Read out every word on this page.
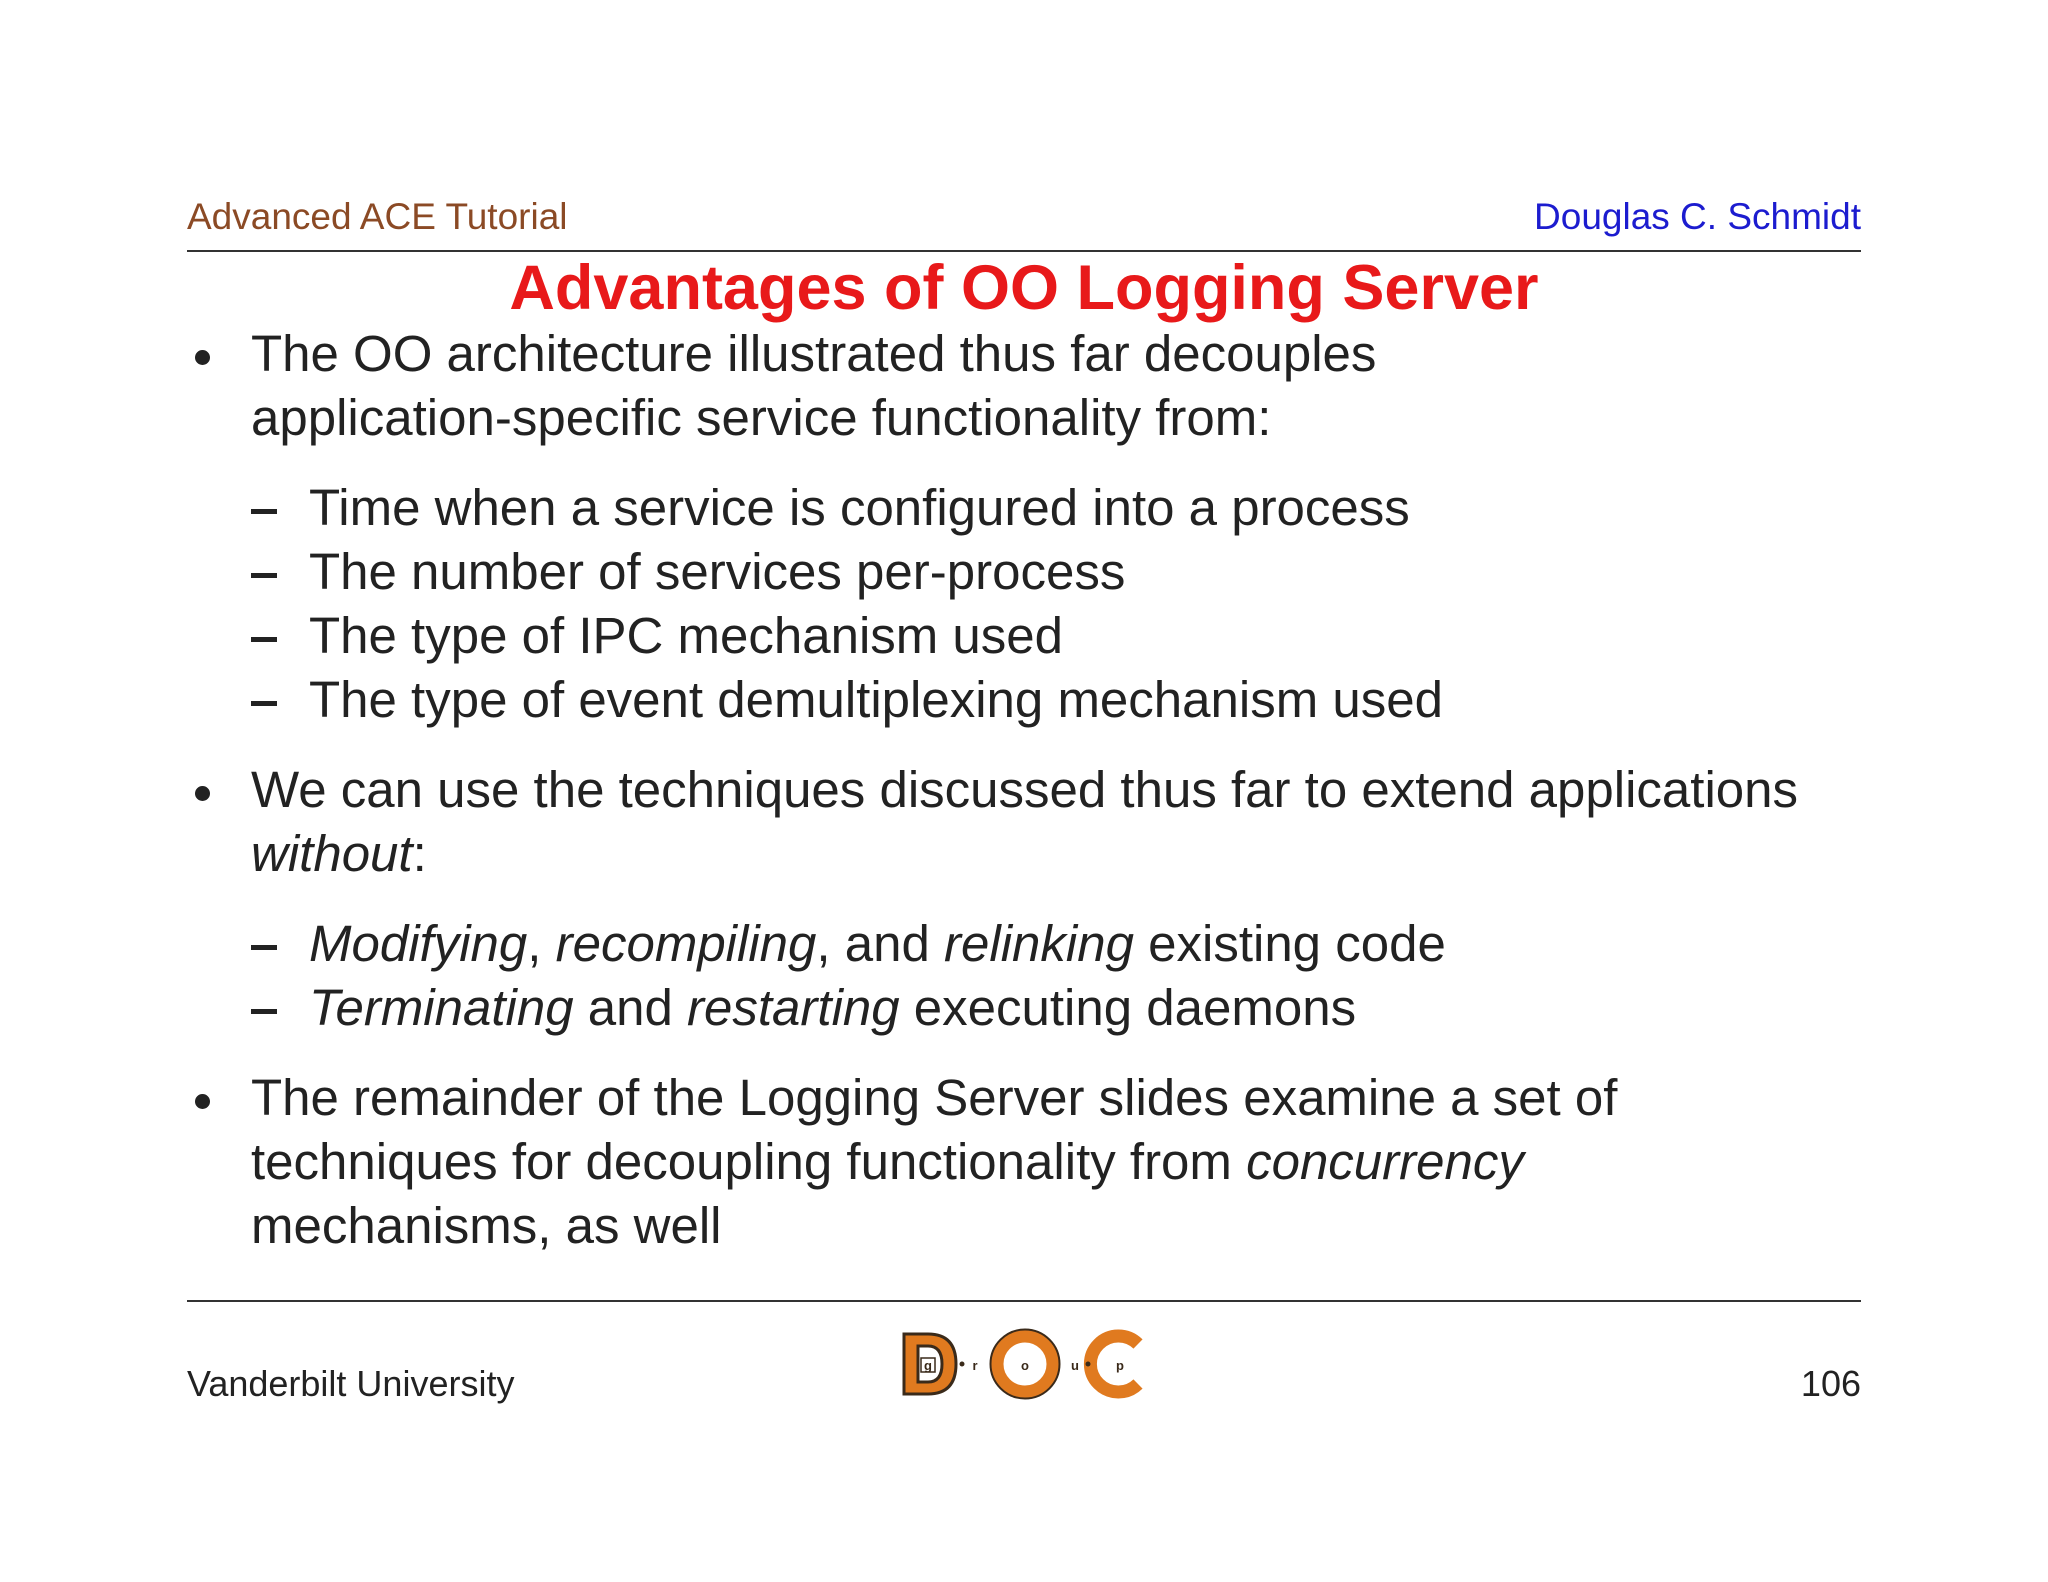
Advanced ACE Tutorial	Douglas C. Schmidt
Advantages of OO Logging Server
The OO architecture illustrated thus far decouples
application-specific service functionality from:
Time when a service is configured into a process
The number of services per-process
The type of IPC mechanism used
The type of event demultiplexing mechanism used
We can use the techniques discussed thus far to extend applications
without:
Modifying, recompiling, and relinking existing code
Terminating and restarting executing daemons
The remainder of the Logging Server slides examine a set of
techniques for decoupling functionality from concurrency
mechanisms, as well
Vanderbilt University	g	r	o	u	p	106
